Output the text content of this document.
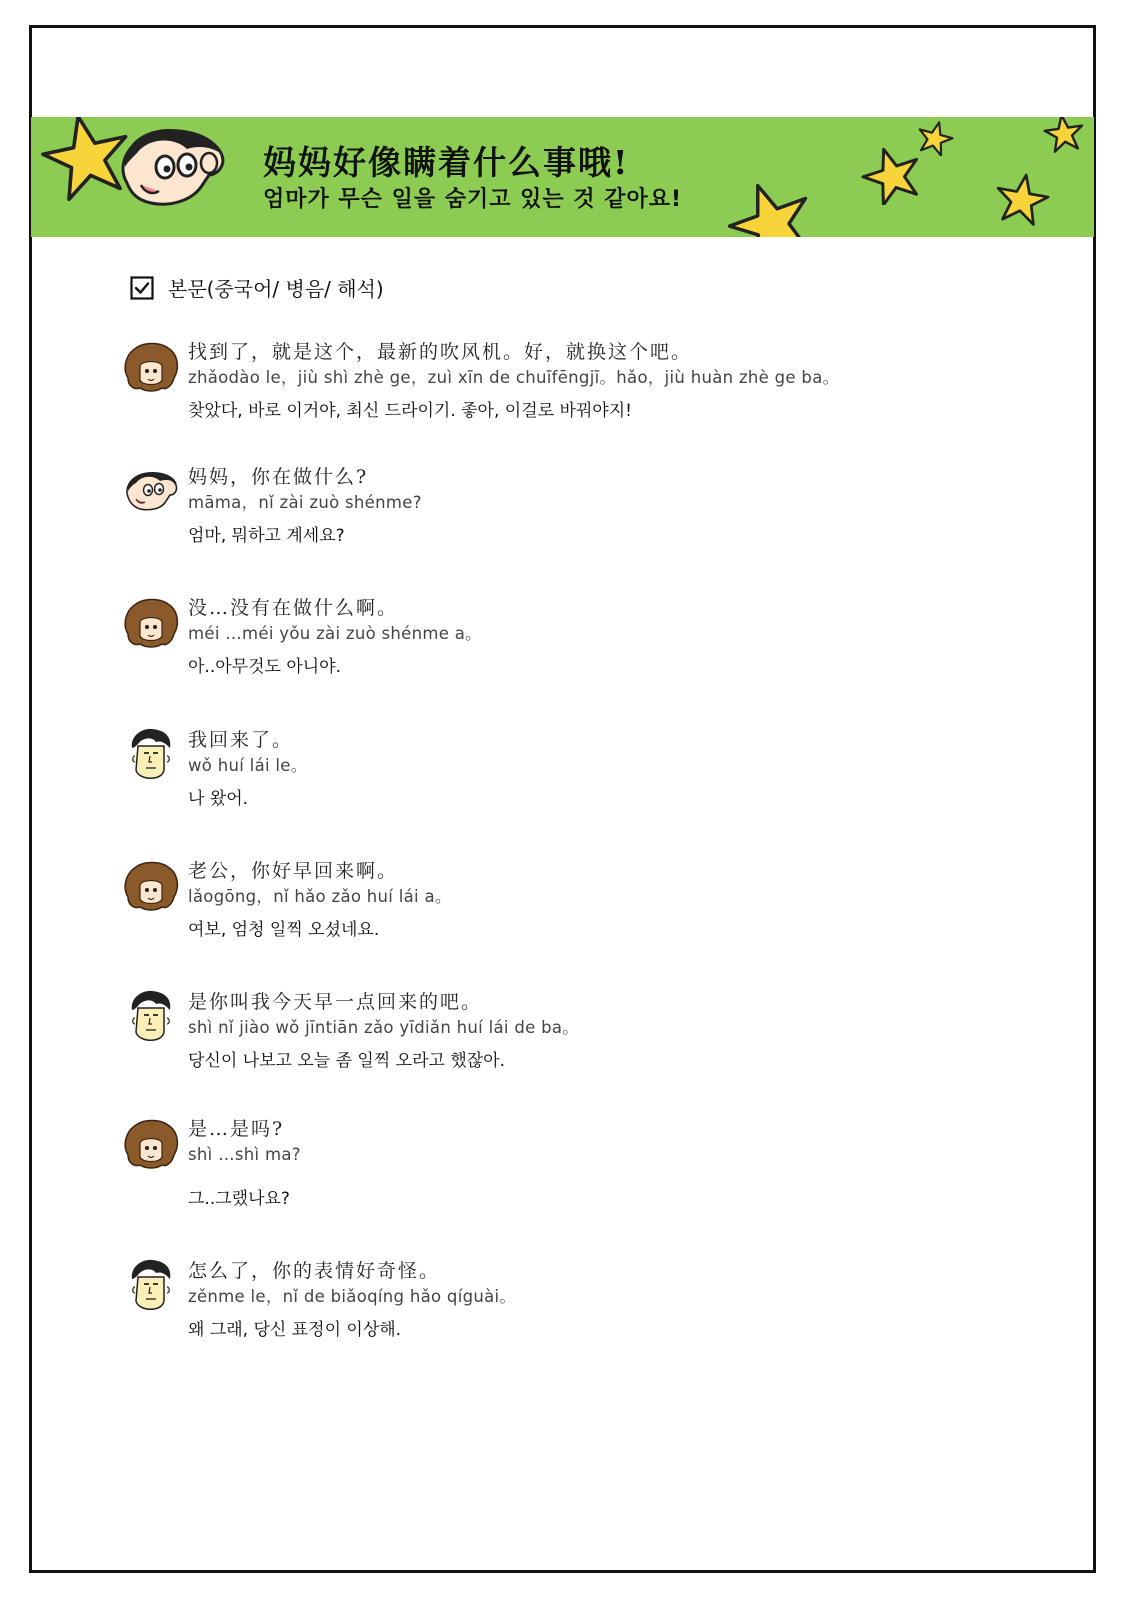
妈妈好像瞒着什么事哦!
엄마가 무슨 일을 숨기고 있는 것 같아요!
본문(중국어/ 병음/ 해석)
找到了，就是这个，最新的吹风机。好，就换这个吧。
zhǎodào le，jiù shì zhè ge，zuì xīn de chuīfēngjī。hǎo，jiù huàn zhè ge ba。
찾았다, 바로 이거야, 최신 드라이기. 좋아, 이걸로 바꿔야지!
妈妈，你在做什么?
māma，nǐ zài zuò shénme?
엄마, 뭐하고 계세요?
没…没有在做什么啊。
méi …méi yǒu zài zuò shénme a。
아..아무것도 아니야.
我回来了。
wǒ huí lái le。
나 왔어.
老公，你好早回来啊。
lǎogōng，nǐ hǎo zǎo huí lái a。
여보, 엄청 일찍 오셨네요.
是你叫我今天早一点回来的吧。
shì nǐ jiào wǒ jīntiān zǎo yīdiǎn huí lái de ba。
당신이 나보고 오늘 좀 일찍 오라고 했잖아.
是…是吗?
shì …shì ma?
그..그랬나요?
怎么了，你的表情好奇怪。
zěnme le，nǐ de biǎoqíng hǎo qíguài。
왜 그래, 당신 표정이 이상해.
